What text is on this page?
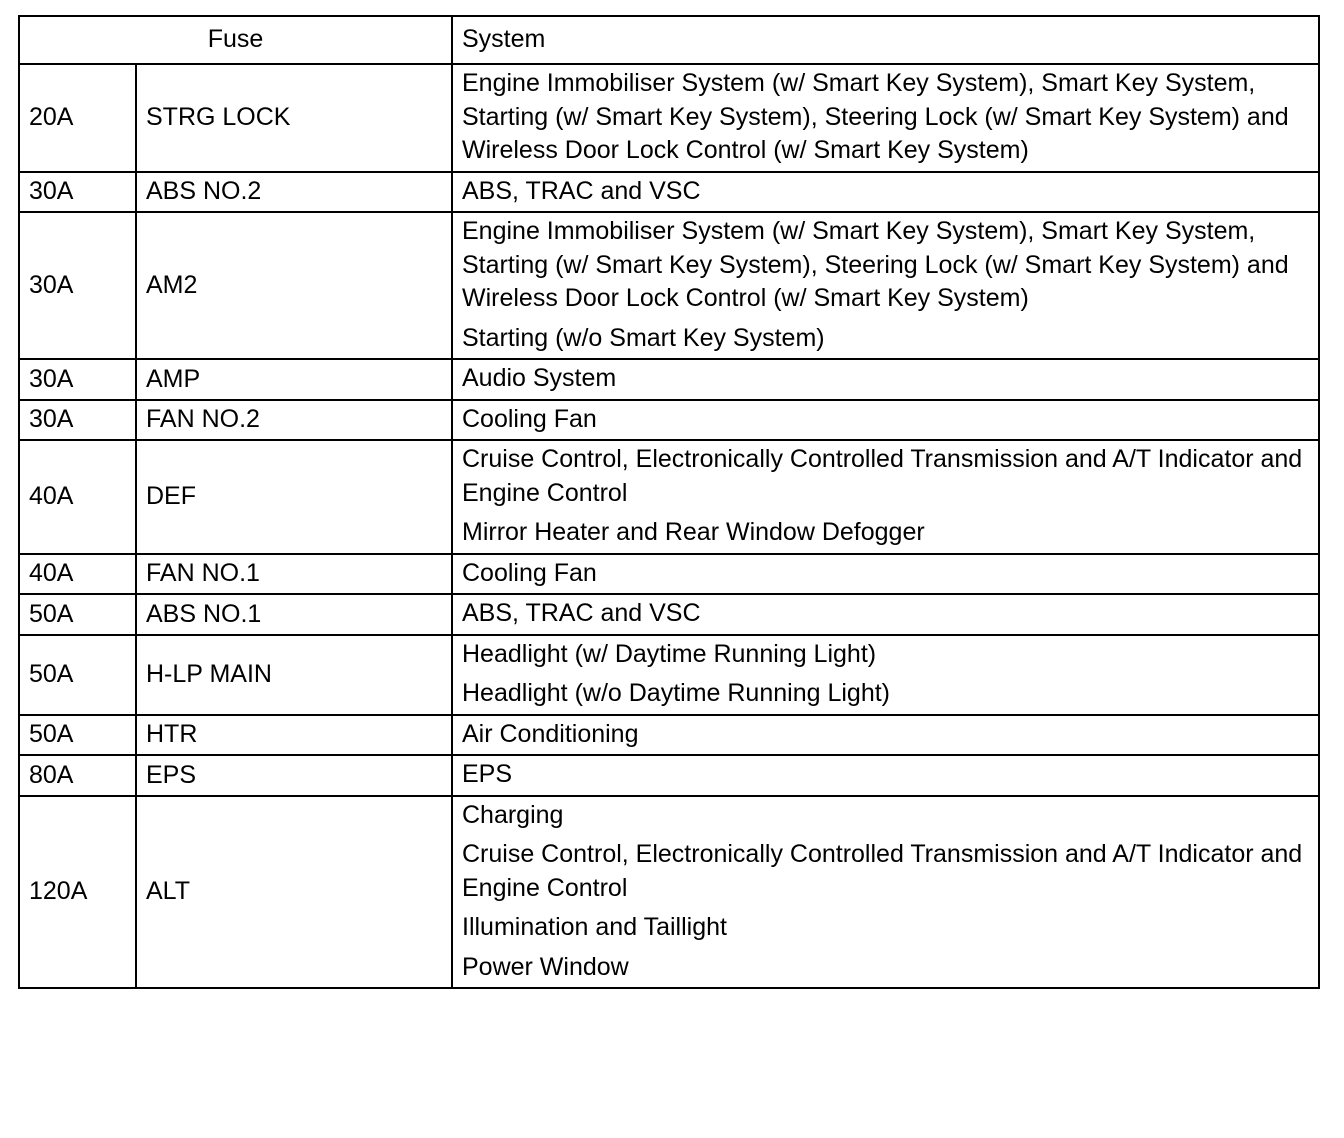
Fuse		System
20A	STRG LOCK	Engine Immobiliser System (w/ Smart Key System), Smart Key System, Starting (w/ Smart Key System), Steering Lock (w/ Smart Key System) and Wireless Door Lock Control (w/ Smart Key System)

30A	ABS NO.2	ABS, TRAC and VSC

30A	AM2	Engine Immobiliser System (w/ Smart Key System), Smart Key System, Starting (w/ Smart Key System), Steering Lock (w/ Smart Key System) and Wireless Door Lock Control (w/ Smart Key System)
Starting (w/o Smart Key System)

30A	AMP	Audio System

30A	FAN NO.2	Cooling Fan

40A	DEF	Cruise Control, Electronically Controlled Transmission and A/T Indicator and Engine Control
Mirror Heater and Rear Window Defogger

40A	FAN NO.1	Cooling Fan

50A	ABS NO.1	ABS, TRAC and VSC

50A	H-LP MAIN	Headlight (w/ Daytime Running Light)
Headlight (w/o Daytime Running Light)

50A	HTR	Air Conditioning

80A	EPS	EPS

120A	ALT	Charging
Cruise Control, Electronically Controlled Transmission and A/T Indicator and Engine Control
Illumination and Taillight
Power Window
